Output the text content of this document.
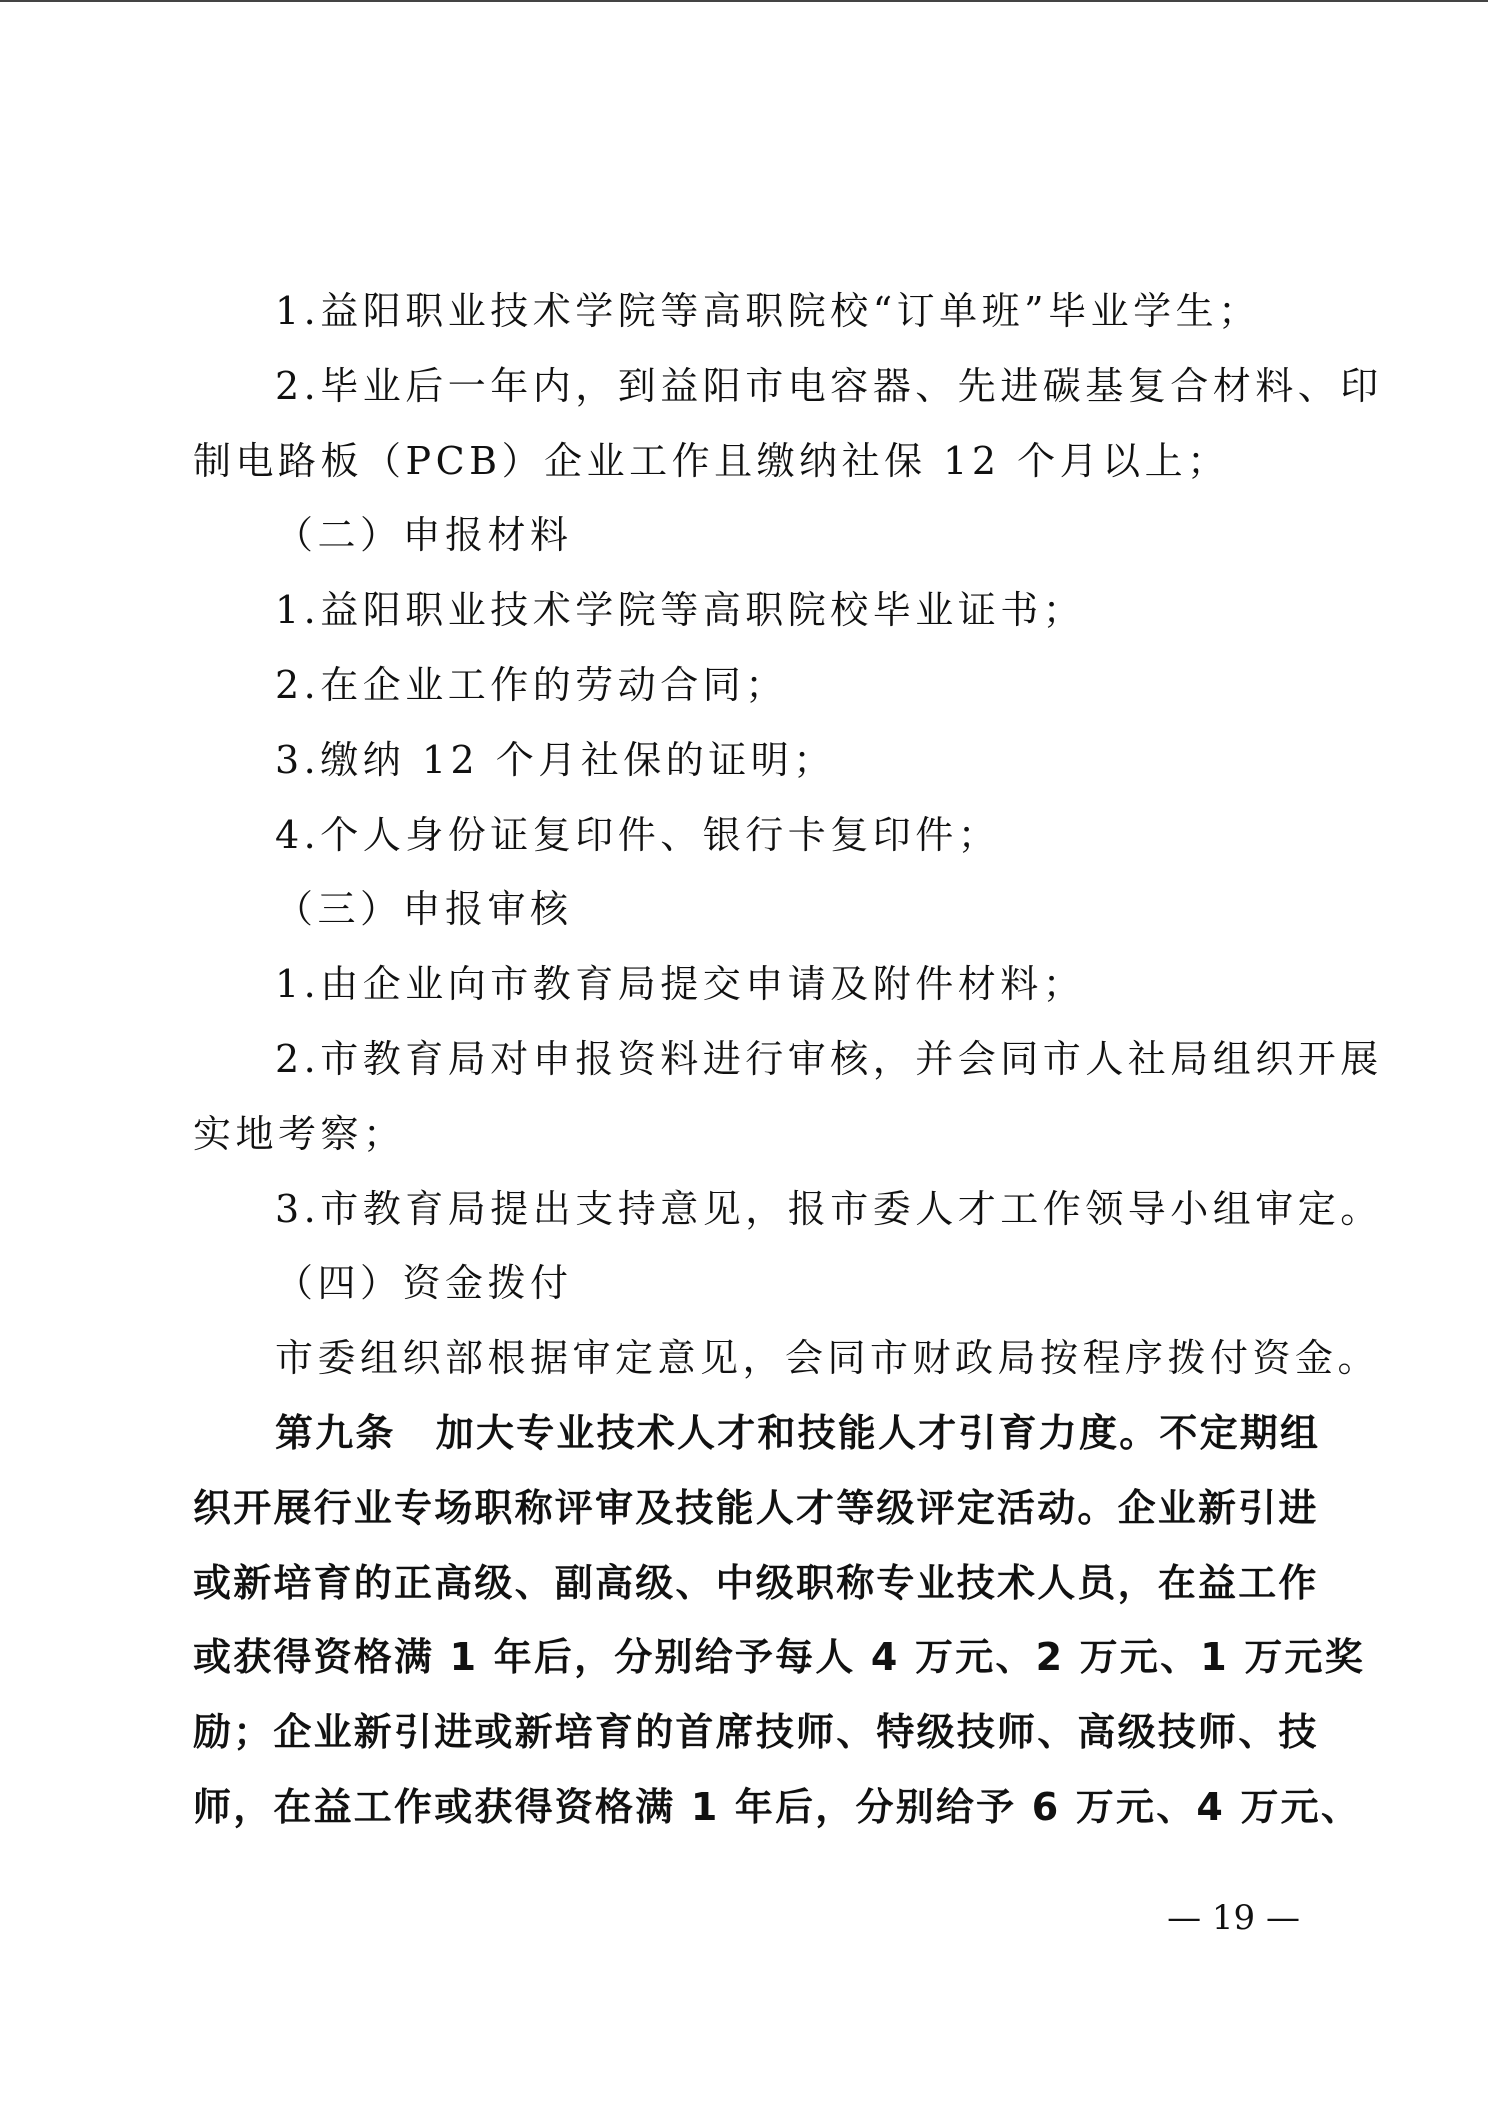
1.益阳职业技术学院等高职院校“订单班”毕业学生；
2.毕业后一年内，到益阳市电容器、先进碳基复合材料、印
制电路板（PCB）企业工作且缴纳社保 12 个月以上；
（二）申报材料
1.益阳职业技术学院等高职院校毕业证书；
2.在企业工作的劳动合同；
3.缴纳 12 个月社保的证明；
4.个人身份证复印件、银行卡复印件；
（三）申报审核
1.由企业向市教育局提交申请及附件材料；
2.市教育局对申报资料进行审核，并会同市人社局组织开展
实地考察；
3.市教育局提出支持意见，报市委人才工作领导小组审定。
（四）资金拨付
市委组织部根据审定意见，会同市财政局按程序拨付资金。
第九条　加大专业技术人才和技能人才引育力度。不定期组
织开展行业专场职称评审及技能人才等级评定活动。企业新引进
或新培育的正高级、副高级、中级职称专业技术人员，在益工作
或获得资格满 1 年后，分别给予每人 4 万元、2 万元、1 万元奖
励；企业新引进或新培育的首席技师、特级技师、高级技师、技
师，在益工作或获得资格满 1 年后，分别给予 6 万元、4 万元、
— 19 —
